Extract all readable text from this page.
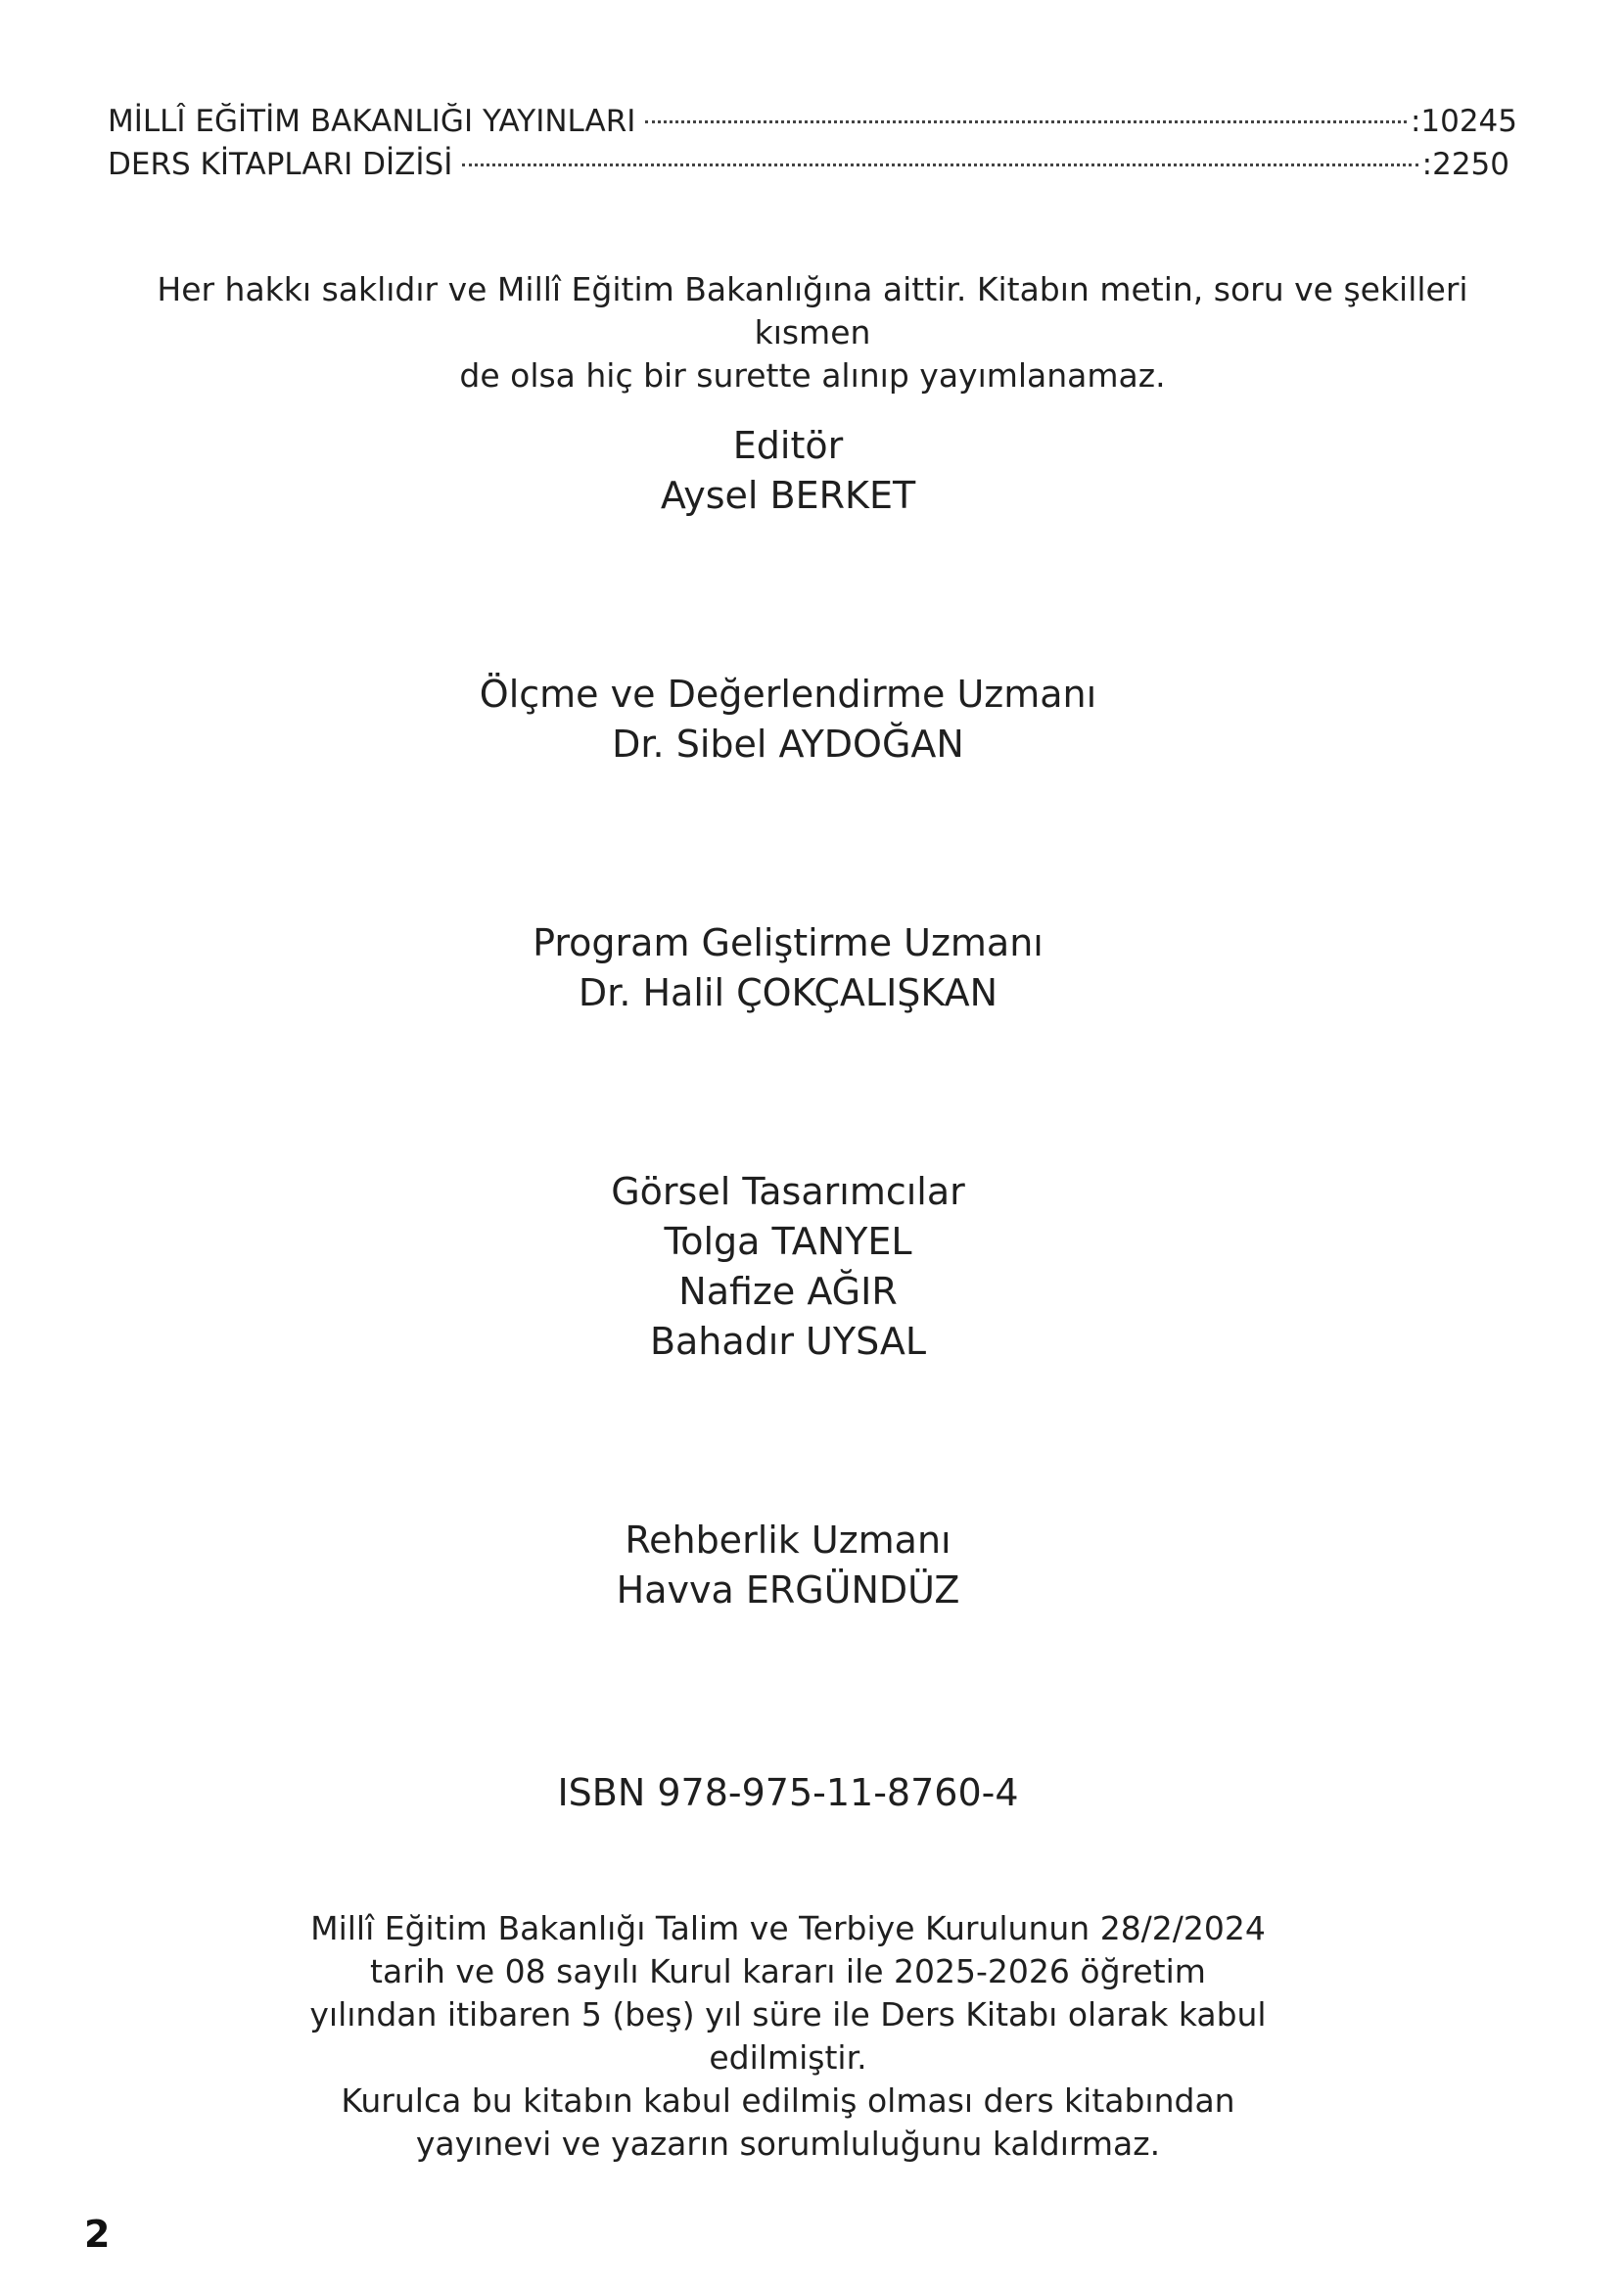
MİLLÎ EĞİTİM BAKANLIĞI YAYINLARI	:10245
DERS KİTAPLARI DİZİSİ	:2250
Her hakkı saklıdır ve Millî Eğitim Bakanlığına aittir. Kitabın metin, soru ve şekilleri kısmen
de olsa hiç bir surette alınıp yayımlanamaz.
Editör
Aysel BERKET
Ölçme ve Değerlendirme Uzmanı
Dr. Sibel AYDOĞAN
Program Geliştirme Uzmanı
Dr. Halil ÇOKÇALIŞKAN
Görsel Tasarımcılar
Tolga TANYEL
Nafize AĞIR
Bahadır UYSAL
Rehberlik Uzmanı
Havva ERGÜNDÜZ
ISBN 978-975-11-8760-4
Millî Eğitim Bakanlığı Talim ve Terbiye Kurulunun 28/2/2024
tarih ve 08 sayılı Kurul kararı ile 2025-2026 öğretim
yılından itibaren 5 (beş) yıl süre ile Ders Kitabı olarak kabul
edilmiştir.
Kurulca bu kitabın kabul edilmiş olması ders kitabından
yayınevi ve yazarın sorumluluğunu kaldırmaz.
2
